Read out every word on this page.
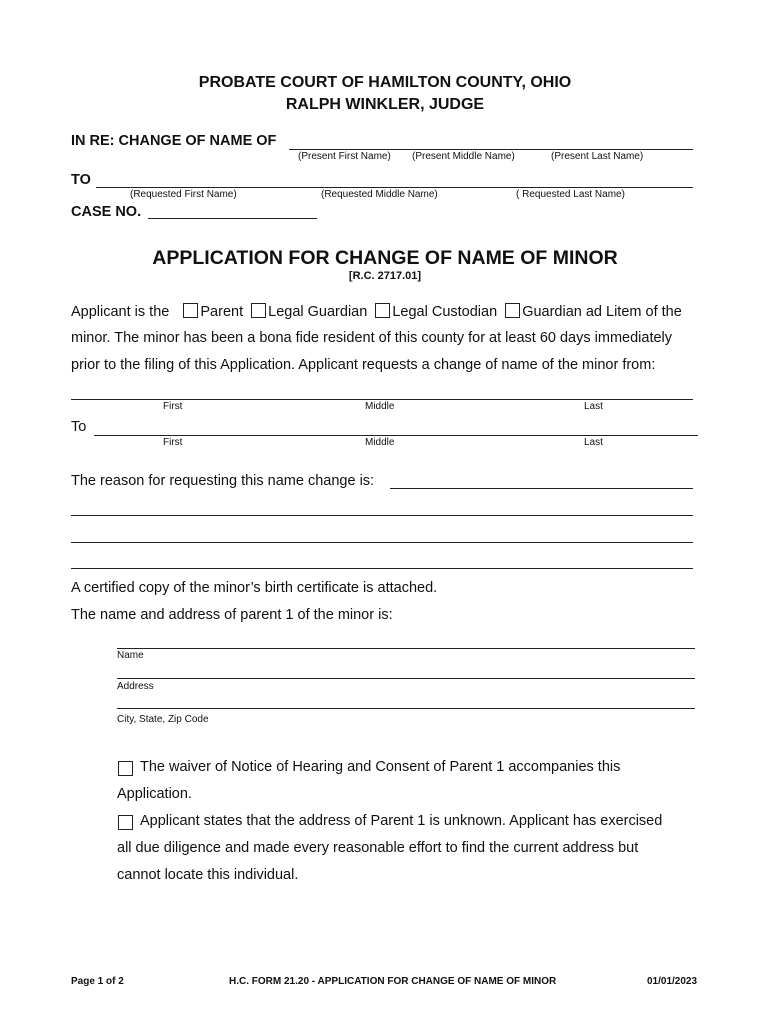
PROBATE COURT OF HAMILTON COUNTY, OHIO
RALPH WINKLER, JUDGE
IN RE: CHANGE OF NAME OF
(Present First Name) (Present Middle Name)	(Present Last Name)
TO
(Requested First Name)	(Requested Middle Name)	( Requested Last Name)
CASE NO.
APPLICATION FOR CHANGE OF NAME OF MINOR
[R.C. 2717.01]
Applicant is the Parent Legal Guardian Legal Custodian Guardian ad Litem of the
minor. The minor has been a bona fide resident of this county for at least 60 days immediately
prior to the filing of this Application. Applicant requests a change of name of the minor from:
First	Middle	Last
To
First	Middle	Last
The reason for requesting this name change is:
A certified copy of the minor’s birth certificate is attached.
The name and address of parent 1 of the minor is:
Name
Address
City, State, Zip Code
The waiver of Notice of Hearing and Consent of Parent 1 accompanies this
Application.
Applicant states that the address of Parent 1 is unknown. Applicant has exercised
all due diligence and made every reasonable effort to find the current address but
cannot locate this individual.
Page 1 of 2	H.C. FORM 21.20 - APPLICATION FOR CHANGE OF NAME OF MINOR	01/01/2023
